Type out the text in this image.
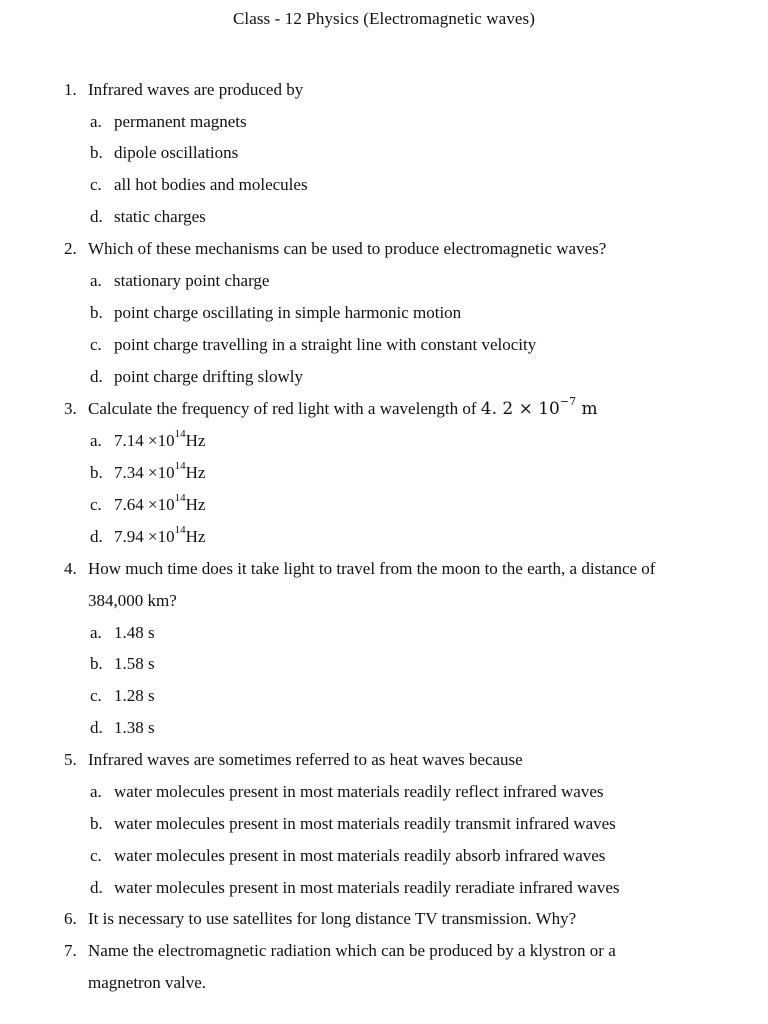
Class - 12 Physics (Electromagnetic waves)
1. Infrared waves are produced by
a. permanent magnets
b. dipole oscillations
c. all hot bodies and molecules
d. static charges
2. Which of these mechanisms can be used to produce electromagnetic waves?
a. stationary point charge
b. point charge oscillating in simple harmonic motion
c. point charge travelling in a straight line with constant velocity
d. point charge drifting slowly
3. Calculate the frequency of red light with a wavelength of 4. $2 \times 10^{-7}$ m
a. $7.14 \times 10^{14}Hz$
b. $7.34 \times 10^{14}Hz$
c. $7.64 \times 10^{14}Hz$
d. $7.94 \times 10^{14}Hz$
4. How much time does it take light to travel from the moon to the earth, a distance of
384,000 km?
a. 1.48 s
b. 1.58 s
c. 1.28 s
d. 1.38 s
5. Infrared waves are sometimes referred to as heat waves because
a. water molecules present in most materials readily reflect infrared waves
b. water molecules present in most materials readily transmit infrared waves
c. water molecules present in most materials readily absorb infrared waves
d. water molecules present in most materials readily reradiate infrared waves
6. It is necessary to use satellites for long distance TV transmission. Why?
7. Name the electromagnetic radiation which can be produced by a klystron or a
magnetron valve.
